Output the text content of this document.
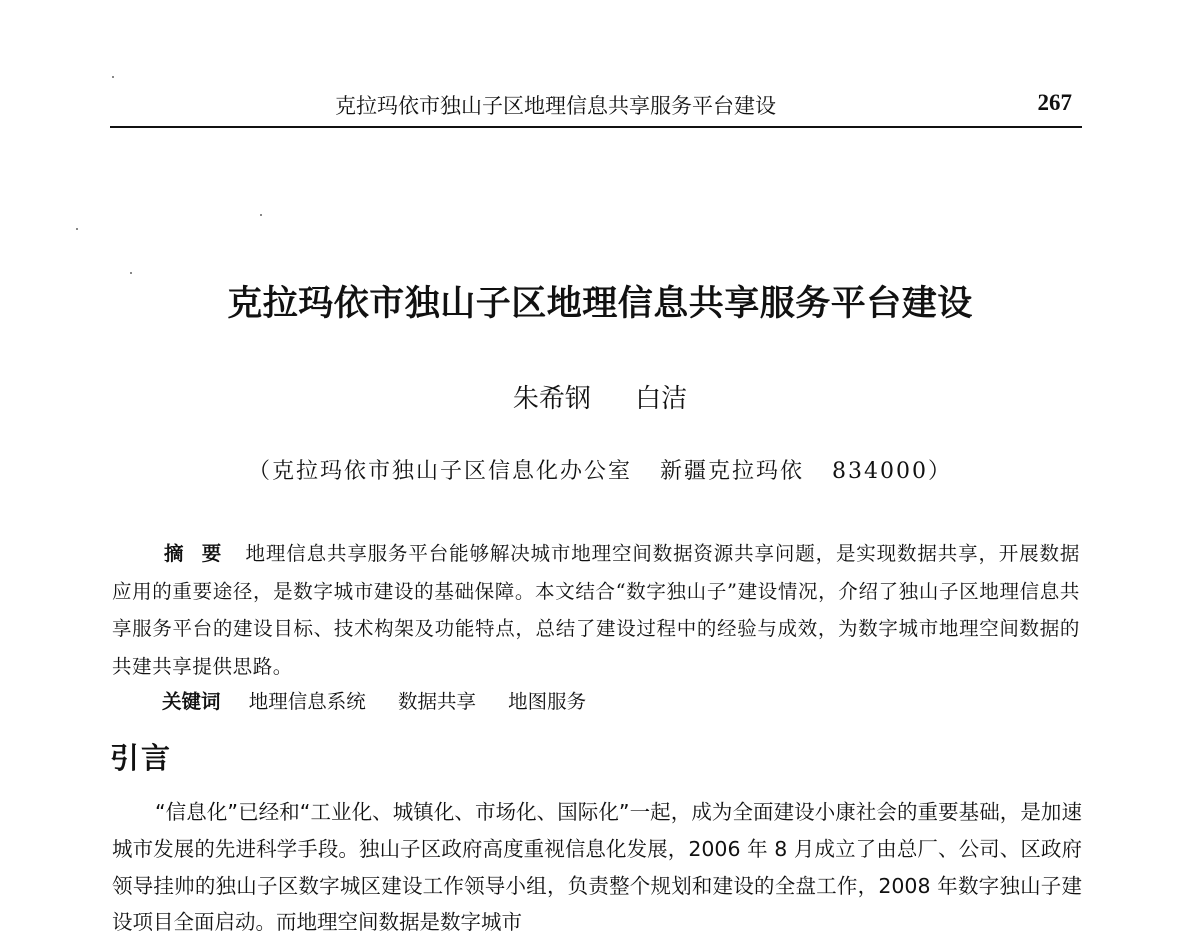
克拉玛依市独山子区地理信息共享服务平台建设	267
克拉玛依市独山子区地理信息共享服务平台建设
朱希钢 白洁
（克拉玛依市独山子区信息化办公室 新疆克拉玛依 834000）
摘要 地理信息共享服务平台能够解决城市地理空间数据资源共享问题，是实现数据共享，开展数据应用的重要途径，是数字城市建设的基础保障。本文结合“数字独山子”建设情况，介绍了独山子区地理信息共享服务平台的建设目标、技术构架及功能特点，总结了建设过程中的经验与成效，为数字城市地理空间数据的共建共享提供思路。
关键词 地理信息系统 数据共享 地图服务
引言
“信息化”已经和“工业化、城镇化、市场化、国际化”一起，成为全面建设小康社会的重要基础，是加速城市发展的先进科学手段。独山子区政府高度重视信息化发展，2006 年 8 月成立了由总厂、公司、区政府领导挂帅的独山子区数字城区建设工作领导小组，负责整个规划和建设的全盘工作，2008 年数字独山子建设项目全面启动。而地理空间数据是数字城市
